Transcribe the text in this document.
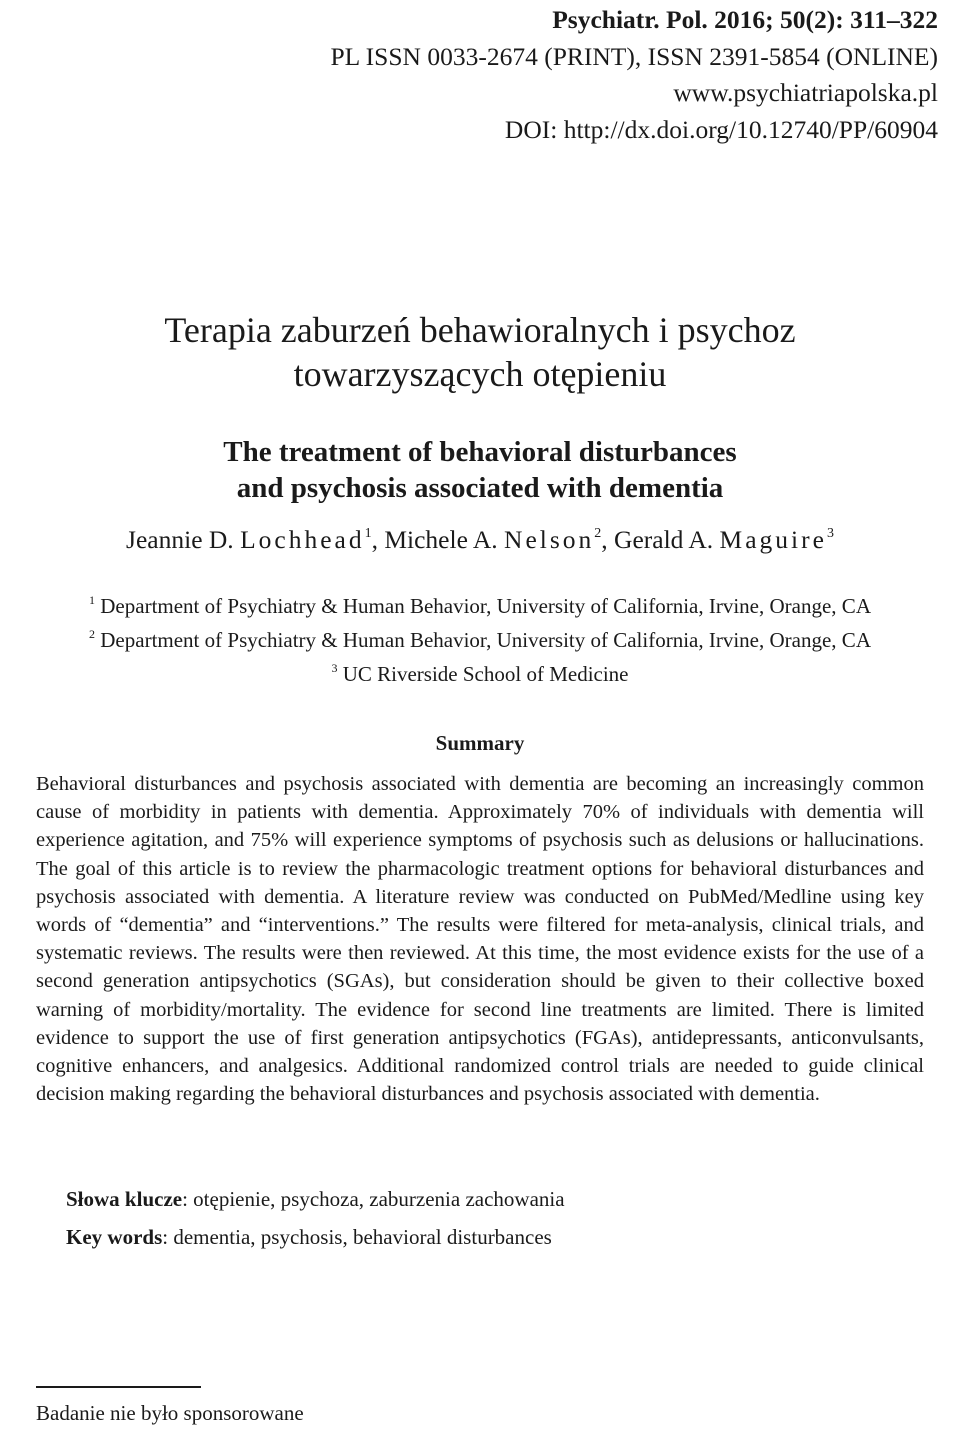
Psychiatr. Pol. 2016; 50(2): 311–322
PL ISSN 0033-2674 (PRINT), ISSN 2391-5854 (ONLINE)
www.psychiatriapolska.pl
DOI: http://dx.doi.org/10.12740/PP/60904
Terapia zaburzeń behawioralnych i psychoz
towarzyszących otępieniu
The treatment of behavioral disturbances
and psychosis associated with dementia
Jeannie D. Lochhead$^1$, Michele A. Nelson$^2$, Gerald A. Maguire$^3$
$^1$ Department of Psychiatry & Human Behavior, University of California, Irvine, Orange, CA
$^2$ Department of Psychiatry & Human Behavior, University of California, Irvine, Orange, CA
$^3$ UC Riverside School of Medicine
Summary
Behavioral disturbances and psychosis associated with dementia are becoming an increasingly common cause of morbidity in patients with dementia. Approximately 70% of individuals with dementia will experience agitation, and 75% will experience symptoms of psychosis such as delusions or hallucinations. The goal of this article is to review the pharmacologic treatment options for behavioral disturbances and psychosis associated with dementia. A literature review was conducted on PubMed/Medline using key words of “dementia” and “interventions.” The results were filtered for meta-analysis, clinical trials, and systematic reviews. The results were then reviewed. At this time, the most evidence exists for the use of a second generation antipsychotics (SGAs), but consideration should be given to their collective boxed warning of morbidity/mortality. The evidence for second line treatments are limited. There is limited evidence to support the use of first generation antipsychotics (FGAs), antidepressants, anticonvulsants, cognitive enhancers, and analgesics. Additional randomized control trials are needed to guide clinical decision making regarding the behavioral disturbances and psychosis associated with dementia.
Słowa klucze: otępienie, psychoza, zaburzenia zachowania
Key words: dementia, psychosis, behavioral disturbances
Badanie nie było sponsorowane
